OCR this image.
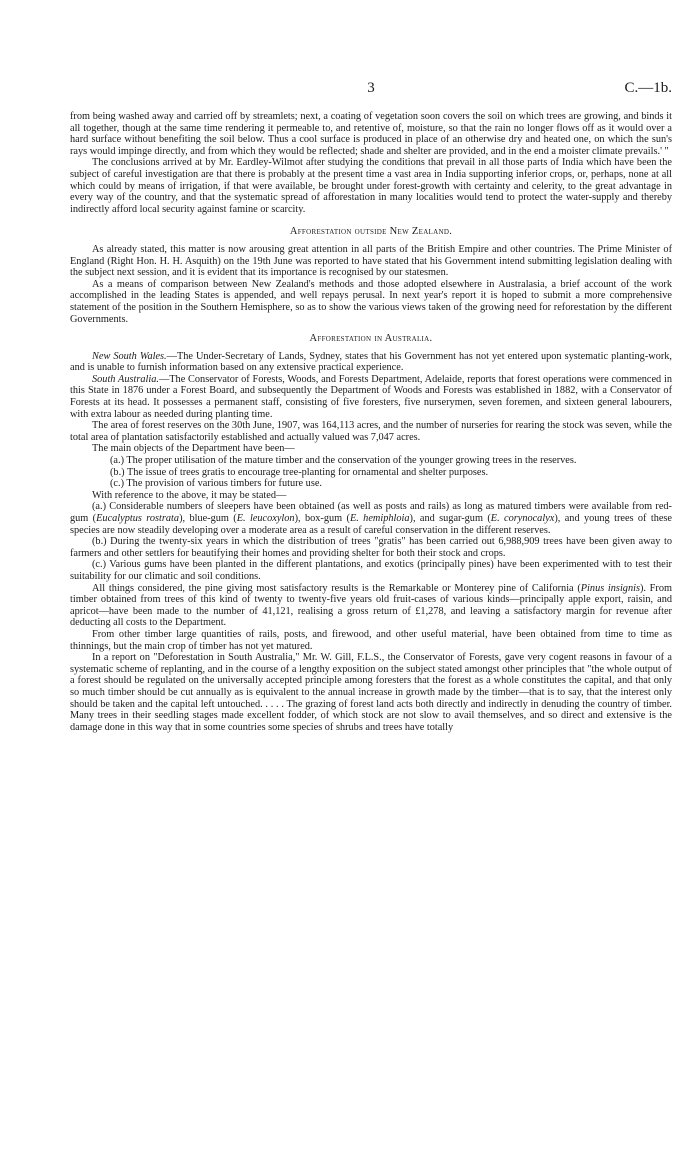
3	C.—1b.

from being washed away and carried off by streamlets; next, a coating of vegetation soon covers the soil on which trees are growing, and binds it all together, though at the same time rendering it permeable to, and retentive of, moisture, so that the rain no longer flows off as it would over a hard surface without benefiting the soil below. Thus a cool surface is produced in place of an otherwise dry and heated one, on which the sun's rays would impinge directly, and from which they would be reflected; shade and shelter are provided, and in the end a moister climate prevails.' "

The conclusions arrived at by Mr. Eardley-Wilmot after studying the conditions that prevail in all those parts of India which have been the subject of careful investigation are that there is probably at the present time a vast area in India supporting inferior crops, or, perhaps, none at all which could by means of irrigation, if that were available, be brought under forest-growth with certainty and celerity, to the great advantage in every way of the country, and that the systematic spread of afforestation in many localities would tend to protect the water-supply and thereby indirectly afford local security against famine or scarcity.

Afforestation outside New Zealand.

As already stated, this matter is now arousing great attention in all parts of the British Empire and other countries. The Prime Minister of England (Right Hon. H. H. Asquith) on the 19th June was reported to have stated that his Government intend submitting legislation dealing with the subject next session, and it is evident that its importance is recognised by our statesmen.

As a means of comparison between New Zealand's methods and those adopted elsewhere in Australasia, a brief account of the work accomplished in the leading States is appended, and well repays perusal. In next year's report it is hoped to submit a more comprehensive statement of the position in the Southern Hemisphere, so as to show the various views taken of the growing need for reforestation by the different Governments.

Afforestation in Australia.

New South Wales.—The Under-Secretary of Lands, Sydney, states that his Government has not yet entered upon systematic planting-work, and is unable to furnish information based on any extensive practical experience.

South Australia.—The Conservator of Forests, Woods, and Forests Department, Adelaide, reports that forest operations were commenced in this State in 1876 under a Forest Board, and subsequently the Department of Woods and Forests was established in 1882, with a Conservator of Forests at its head. It possesses a permanent staff, consisting of five foresters, five nurserymen, seven foremen, and sixteen general labourers, with extra labour as needed during planting time.

The area of forest reserves on the 30th June, 1907, was 164,113 acres, and the number of nurseries for rearing the stock was seven, while the total area of plantation satisfactorily established and actually valued was 7,047 acres.

The main objects of the Department have been—

(a.) The proper utilisation of the mature timber and the conservation of the younger growing trees in the reserves.
(b.) The issue of trees gratis to encourage tree-planting for ornamental and shelter purposes.
(c.) The provision of various timbers for future use.

With reference to the above, it may be stated—

(a.) Considerable numbers of sleepers have been obtained (as well as posts and rails) as long as matured timbers were available from red-gum (Eucalyptus rostrata), blue-gum (E. leucoxylon), box-gum (E. hemiphloia), and sugar-gum (E. corynocalyx), and young trees of these species are now steadily developing over a moderate area as a result of careful conservation in the different reserves.

(b.) During the twenty-six years in which the distribution of trees "gratis" has been carried out 6,988,909 trees have been given away to farmers and other settlers for beautifying their homes and providing shelter for both their stock and crops.

(c.) Various gums have been planted in the different plantations, and exotics (principally pines) have been experimented with to test their suitability for our climatic and soil conditions.

All things considered, the pine giving most satisfactory results is the Remarkable or Monterey pine of California (Pinus insignis). From timber obtained from trees of this kind of twenty to twenty-five years old fruit-cases of various kinds—principally apple export, raisin, and apricot—have been made to the number of 41,121, realising a gross return of £1,278, and leaving a satisfactory margin for revenue after deducting all costs to the Department.

From other timber large quantities of rails, posts, and firewood, and other useful material, have been obtained from time to time as thinnings, but the main crop of timber has not yet matured.

In a report on "Deforestation in South Australia," Mr. W. Gill, F.L.S., the Conservator of Forests, gave very cogent reasons in favour of a systematic scheme of replanting, and in the course of a lengthy exposition on the subject stated amongst other principles that "the whole output of a forest should be regulated on the universally accepted principle among foresters that the forest as a whole constitutes the capital, and that only so much timber should be cut annually as is equivalent to the annual increase in growth made by the timber—that is to say, that the interest only should be taken and the capital left untouched. . . . . The grazing of forest land acts both directly and indirectly in denuding the country of timber. Many trees in their seedling stages made excellent fodder, of which stock are not slow to avail themselves, and so direct and extensive is the damage done in this way that in some countries some species of shrubs and trees have totally
